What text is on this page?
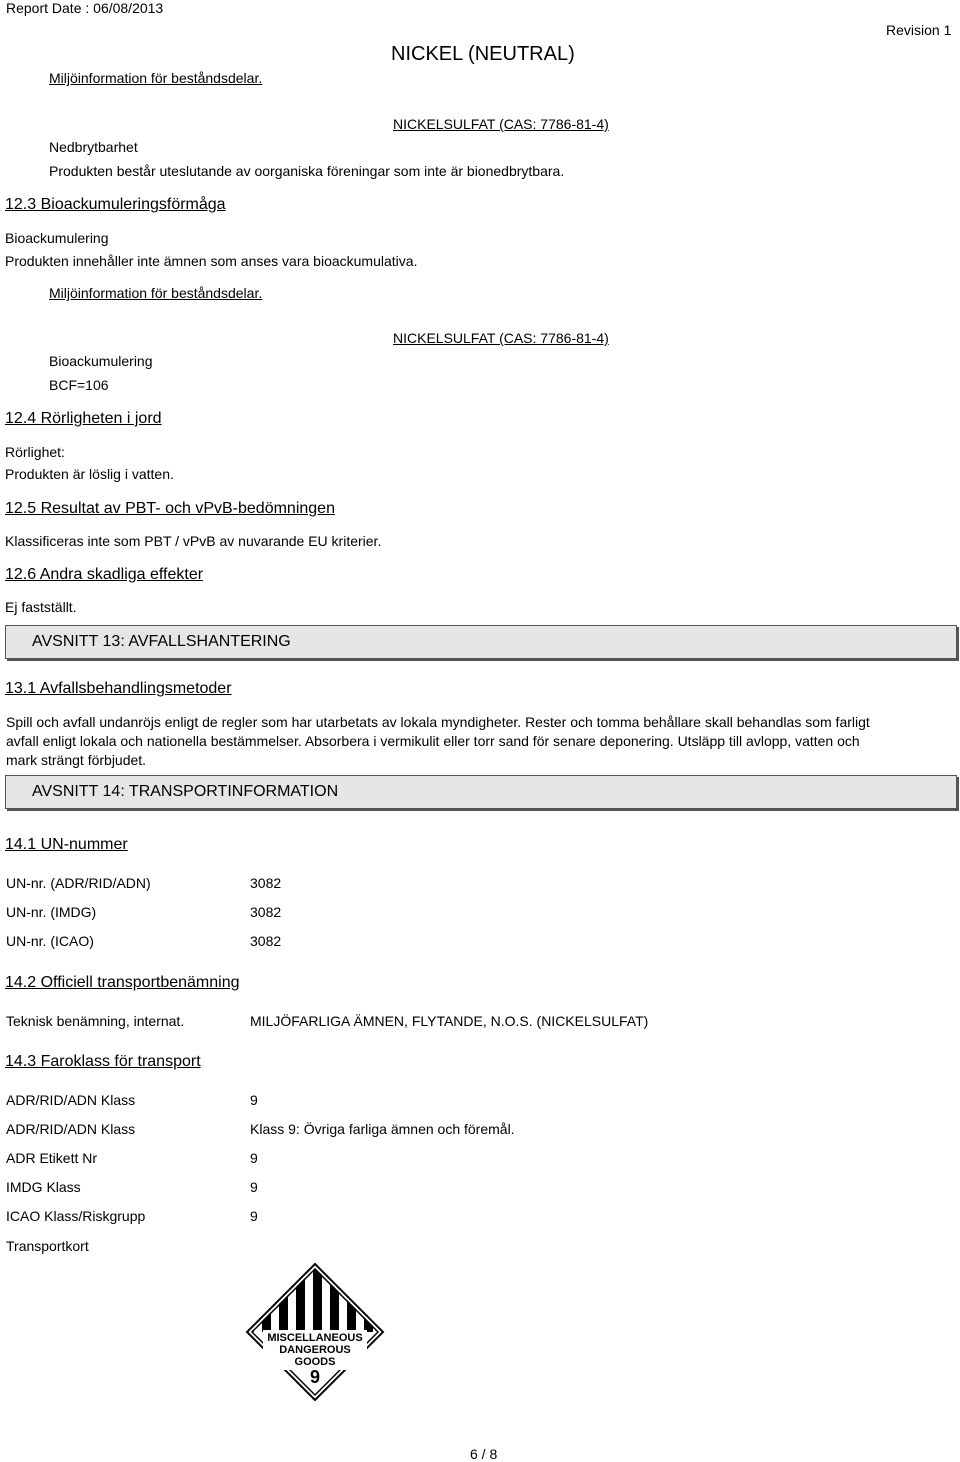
Report Date : 06/08/2013
NICKEL (NEUTRAL)
Revision 1
Miljöinformation för beståndsdelar.
NICKELSULFAT (CAS: 7786-81-4)
Nedbrytbarhet
Produkten består uteslutande av oorganiska föreningar som inte är bionedbrytbara.
12.3 Bioackumuleringsförmåga
Bioackumulering
Produkten innehåller inte ämnen som anses vara bioackumulativa.
Miljöinformation för beståndsdelar.
NICKELSULFAT (CAS: 7786-81-4)
Bioackumulering
BCF=106
12.4 Rörligheten i jord
Rörlighet:
Produkten är löslig i vatten.
12.5 Resultat av PBT- och vPvB-bedömningen
Klassificeras inte som PBT / vPvB av nuvarande EU kriterier.
12.6 Andra skadliga effekter
Ej fastställt.
AVSNITT 13: AVFALLSHANTERING
13.1 Avfallsbehandlingsmetoder
Spill och avfall undanröjs enligt de regler som har utarbetats av lokala myndigheter. Rester och tomma behållare skall behandlas som farligt avfall enligt lokala och nationella bestämmelser. Absorbera i vermikulit eller torr sand för senare deponering. Utsläpp till avlopp, vatten och mark strängt förbjudet.
AVSNITT 14: TRANSPORTINFORMATION
14.1 UN-nummer
UN-nr. (ADR/RID/ADN)	3082
UN-nr. (IMDG)	3082
UN-nr. (ICAO)	3082
14.2 Officiell transportbenämning
Teknisk benämning, internat.	MILJÖFARLIGA ÄMNEN, FLYTANDE, N.O.S. (NICKELSULFAT)
14.3 Faroklass för transport
ADR/RID/ADN Klass	9
ADR/RID/ADN Klass	Klass 9: Övriga farliga ämnen och föremål.
ADR Etikett Nr	9
IMDG Klass	9
ICAO Klass/Riskgrupp	9
Transportkort
MISCELLANEOUS
DANGEROUS
GOODS
9
6 / 8
